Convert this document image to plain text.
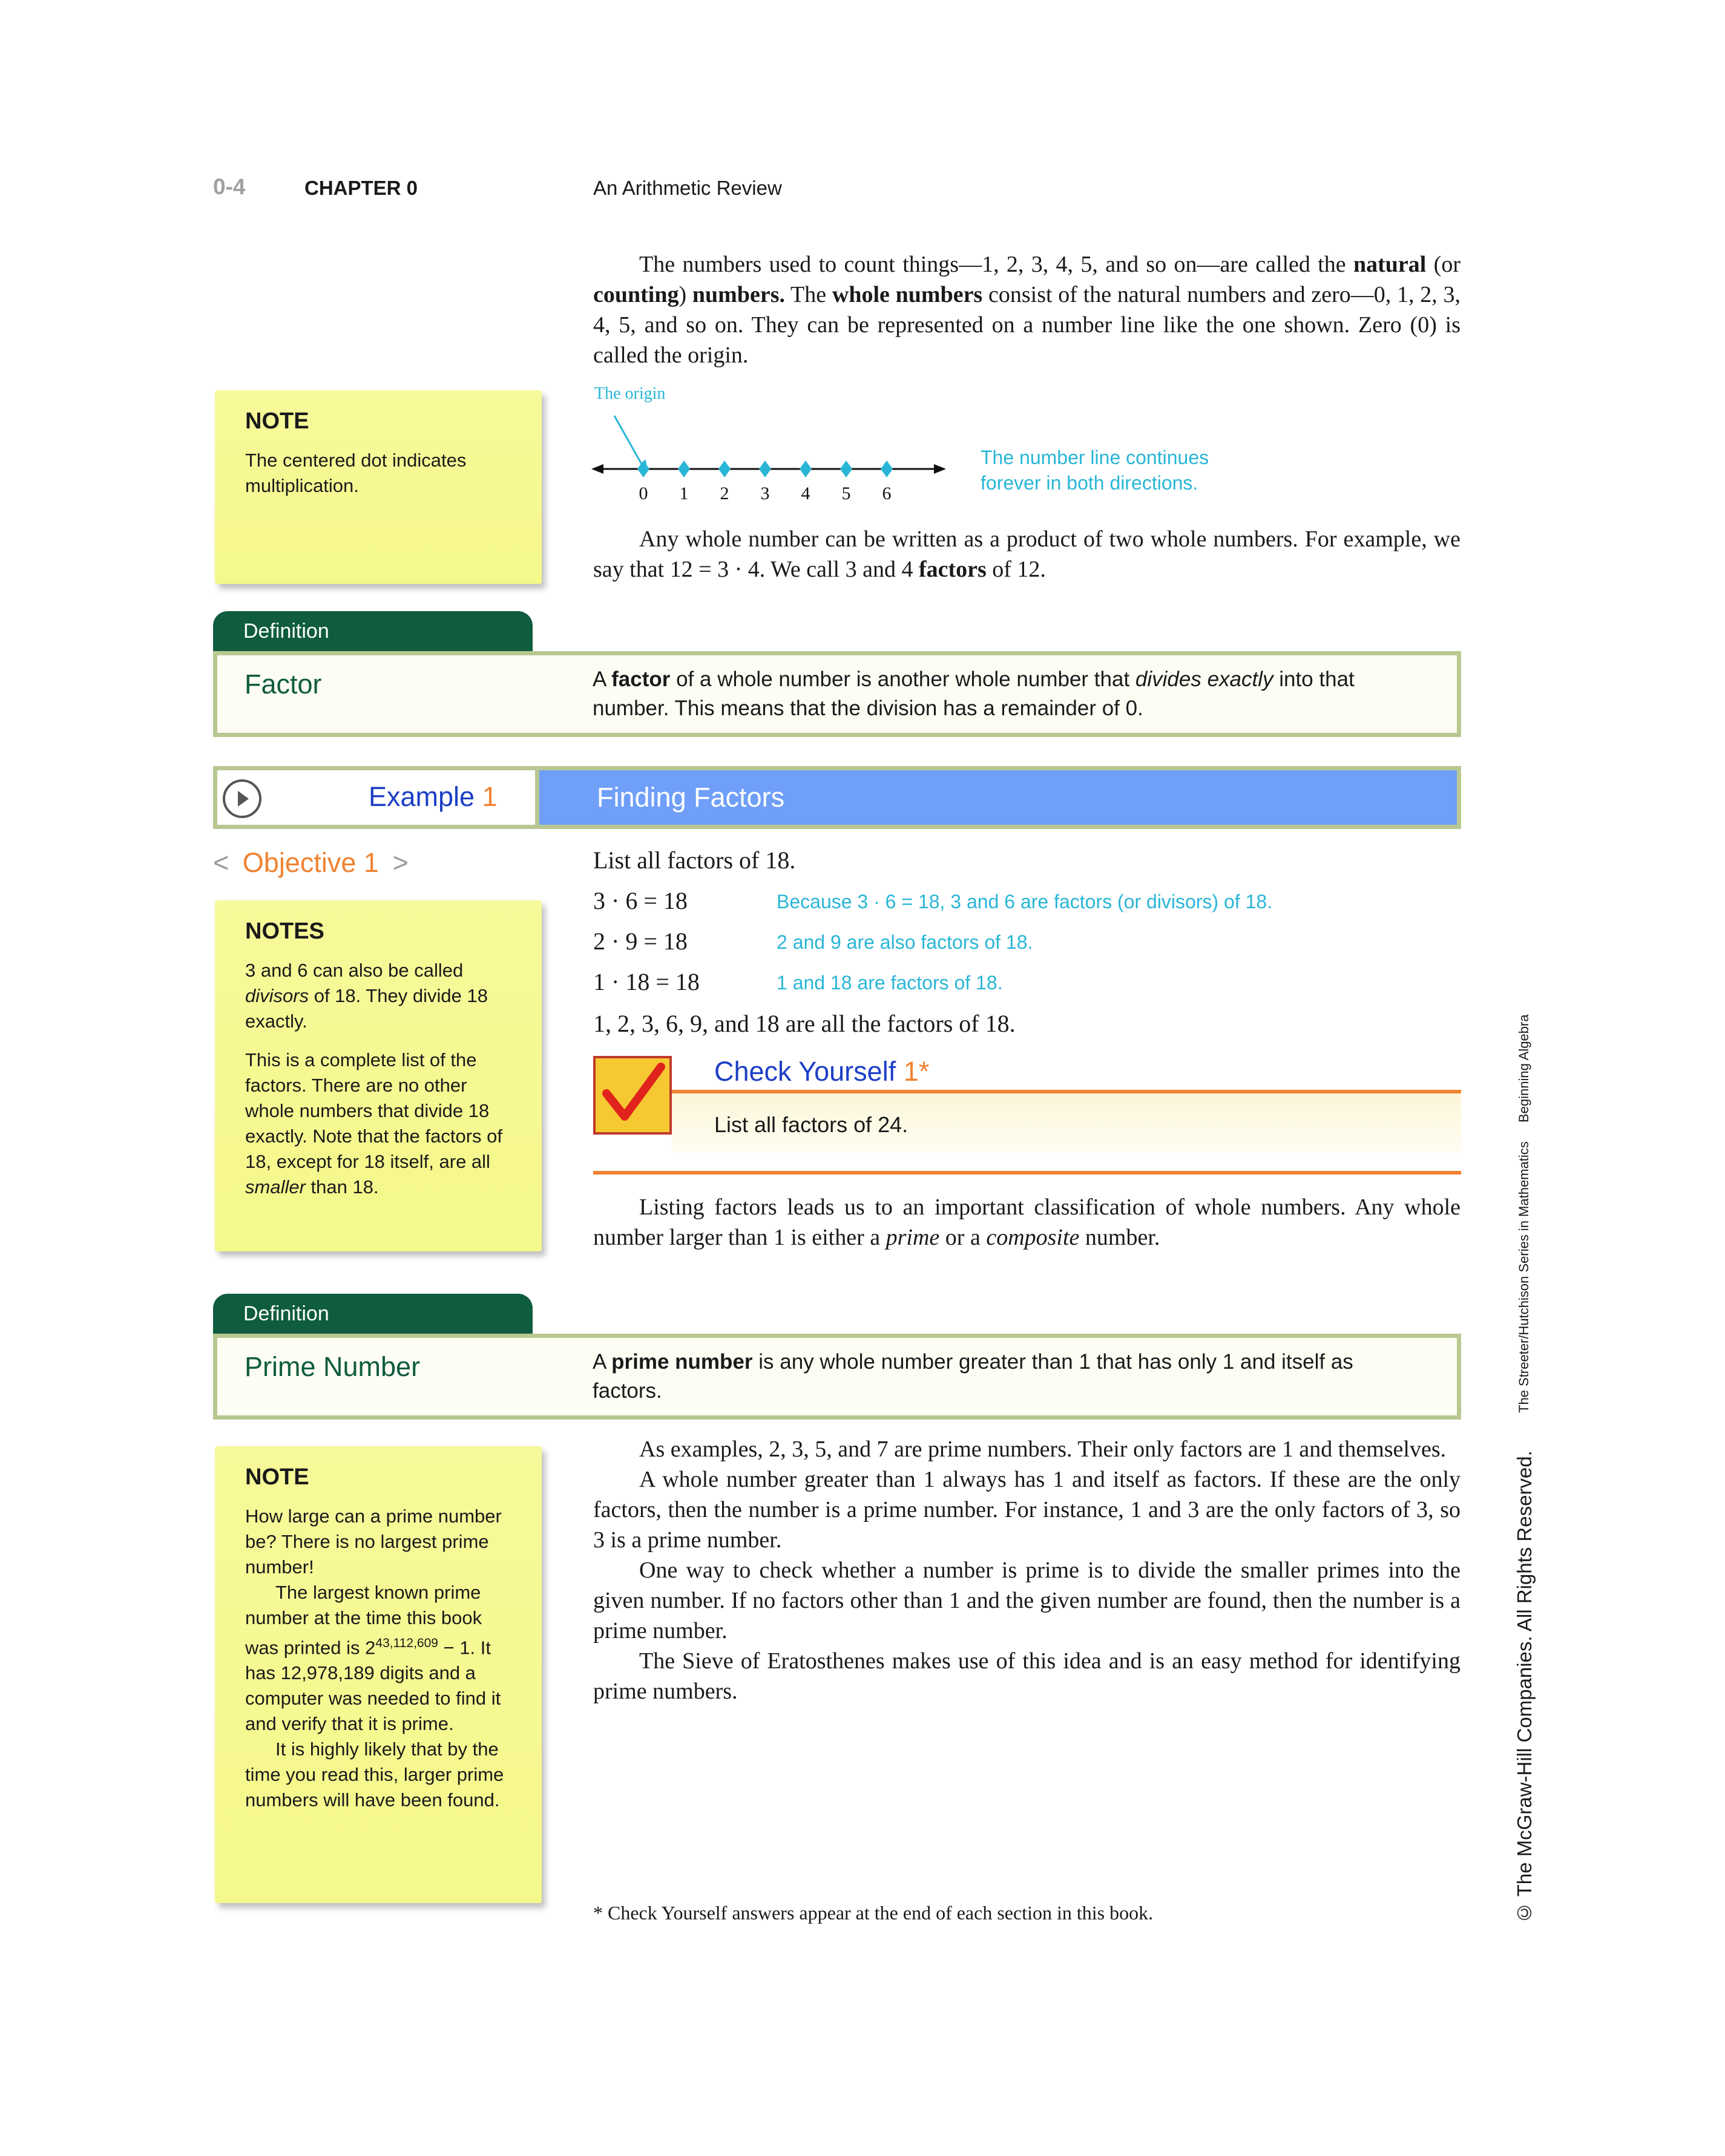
0-4	CHAPTER 0	An Arithmetic Review

The numbers used to count things—1, 2, 3, 4, 5, and so on—are called the natural (or counting) numbers. The whole numbers consist of the natural numbers and zero—0, 1, 2, 3, 4, 5, and so on. They can be represented on a number line like the one shown. Zero (0) is called the origin.

NOTE
The centered dot indicates multiplication.
The origin
0 1 2 3 4 5 6
The number line continues
forever in both directions.

Any whole number can be written as a product of two whole numbers. For example, we say that 12 = 3 · 4. We call 3 and 4 factors of 12.

Definition
Factor	A factor of a whole number is another whole number that divides exactly into that number. This means that the division has a remainder of 0.
Example 1	Finding Factors
< Objective 1 >
NOTES

3 and 6 can also be called divisors of 18. They divide 18 exactly.

This is a complete list of the factors. There are no other whole numbers that divide 18 exactly. Note that the factors of 18, except for 18 itself, are all smaller than 18.

List all factors of 18.
3 · 6 = 18	Because 3 · 6 = 18, 3 and 6 are factors (or divisors) of 18.
2 · 9 = 18	2 and 9 are also factors of 18.
1 · 18 = 18	1 and 18 are factors of 18.
1, 2, 3, 6, 9, and 18 are all the factors of 18.
Check Yourself 1*
List all factors of 24.

Listing factors leads us to an important classification of whole numbers. Any whole number larger than 1 is either a prime or a composite number.

Definition
Prime Number	A prime number is any whole number greater than 1 that has only 1 and itself as factors.
NOTE
How large can a prime number be? There is no largest prime number!
The largest known prime number at the time this book was printed is $2^{43,112,609} - 1$. It has 12,978,189 digits and a computer was needed to find it and verify that it is prime.
It is highly likely that by the time you read this, larger prime numbers will have been found.

As examples, 2, 3, 5, and 7 are prime numbers. Their only factors are 1 and themselves.

A whole number greater than 1 always has 1 and itself as factors. If these are the only factors, then the number is a prime number. For instance, 1 and 3 are the only factors of 3, so 3 is a prime number.

One way to check whether a number is prime is to divide the smaller primes into the given number. If no factors other than 1 and the given number are found, then the number is a prime number.

The Sieve of Eratosthenes makes use of this idea and is an easy method for identifying prime numbers.

* Check Yourself answers appear at the end of each section in this book.
Beginning Algebra
The Streeter/Hutchison Series in Mathematics
© The McGraw-Hill Companies. All Rights Reserved.
